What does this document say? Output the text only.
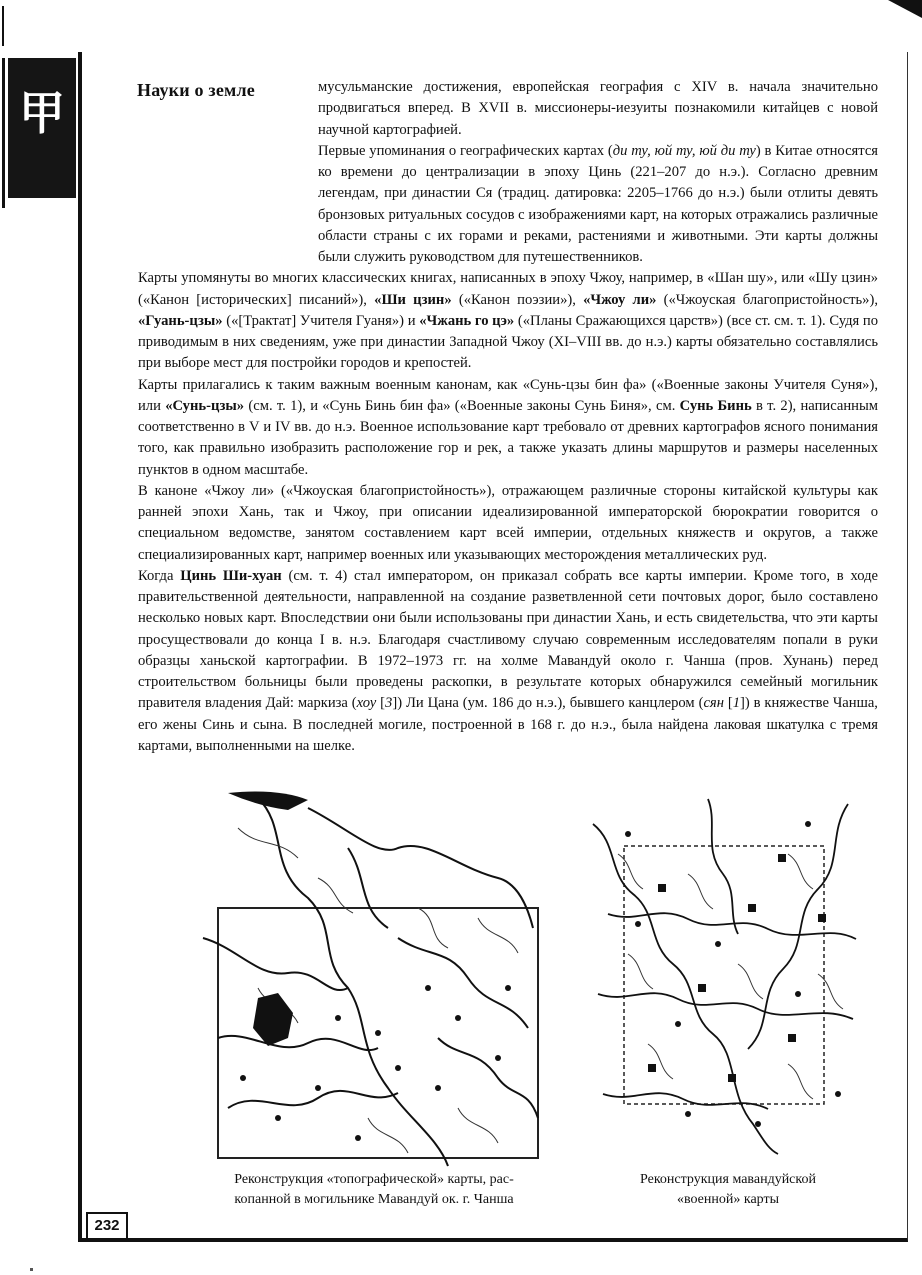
甲	Науки о земле	мусульманские достижения, европейская география с XIV в. начала значительно продвигаться вперед. В XVII в. миссионеры-иезуиты познакомили китайцев с новой научной картографией.

Первые упоминания о географических картах (ди ту, юй ту, юй ди ту) в Китае относятся ко времени до централизации в эпоху Цинь (221–207 до н.э.). Согласно древним легендам, при династии Ся (традиц. датировка: 2205–1766 до н.э.) были отлиты девять бронзовых ритуальных сосудов с изображениями карт, на которых отражались различные области страны с их горами и реками, растениями и животными. Эти карты должны были служить руководством для путешественников.

Карты упомянуты во многих классических книгах, написанных в эпоху Чжоу, например, в «Шан шу», или «Шу цзин» («Канон [исторических] писаний»), «Ши цзин» («Канон поэзии»), «Чжоу ли» («Чжоуская благопристойность»), «Гуань-цзы» («[Трактат] Учителя Гуаня») и «Чжань го цэ» («Планы Сражающихся царств») (все ст. см. т. 1). Судя по приводимым в них сведениям, уже при династии Западной Чжоу (XI–VIII вв. до н.э.) карты обязательно составлялись при выборе мест для постройки городов и крепостей.

Карты прилагались к таким важным военным канонам, как «Сунь-цзы бин фа» («Военные законы Учителя Суня»), или «Сунь-цзы» (см. т. 1), и «Сунь Бинь бин фа» («Военные законы Сунь Биня», см. Сунь Бинь в т. 2), написанным соответственно в V и IV вв. до н.э. Военное использование карт требовало от древних картографов ясного понимания того, как правильно изобразить расположение гор и рек, а также указать длины маршрутов и размеры населенных пунктов в одном масштабе.

В каноне «Чжоу ли» («Чжоуская благопристойность»), отражающем различные стороны китайской культуры как ранней эпохи Хань, так и Чжоу, при описании идеализированной императорской бюрократии говорится о специальном ведомстве, занятом составлением карт всей империи, отдельных княжеств и округов, а также специализированных карт, например военных или указывающих месторождения металлических руд.

Когда Цинь Ши-хуан (см. т. 4) стал императором, он приказал собрать все карты империи. Кроме того, в ходе правительственной деятельности, направленной на создание разветвленной сети почтовых дорог, было составлено несколько новых карт. Впоследствии они были использованы при династии Хань, и есть свидетельства, что эти карты просуществовали до конца I в. н.э. Благодаря счастливому случаю современным исследователям попали в руки образцы ханьской картографии. В 1972–1973 гг. на холме Мавандуй около г. Чанша (пров. Хунань) перед строительством больницы были проведены раскопки, в результате которых обнаружился семейный могильник правителя владения Дай: маркиза (хоу [3]) Ли Цана (ум. 186 до н.э.), бывшего канцлером (сян [1]) в княжестве Чанша, его жены Синь и сына. В последней могиле, построенной в 168 г. до н.э., была найдена лаковая шкатулка с тремя картами, выполненными на шелке.

Реконструкция «топографической» карты, рас-
копанной в могильнике Мавандуй ок. г. Чанша
Реконструкция мавандуйской
«военной» карты
232
